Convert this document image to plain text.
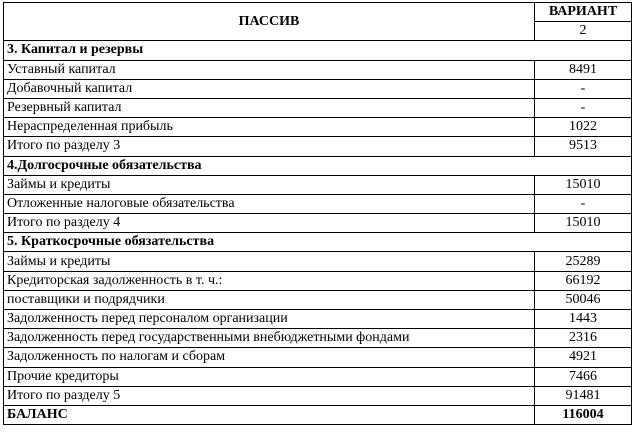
ПАССИВ	ВАРИАНТ
	2
3. Капитал и резервы	
Уставный капитал	8491
Добавочный капитал	-
Резервный капитал	-
Нераспределенная прибыль	1022
Итого по разделу 3	9513
4.Долгосрочные обязательства	
Займы и кредиты	15010
Отложенные налоговые обязательства	-
Итого по разделу 4	15010
5. Краткосрочные обязательства	
Займы и кредиты	25289
Кредиторская задолженность в т. ч.:	66192
поставщики и подрядчики	50046
Задолженность перед персоналом организации	1443
Задолженность перед государственными внебюджетными фондами	2316
Задолженность по налогам и сборам	4921
Прочие кредиторы	7466
Итого по разделу 5	91481
БАЛАНС	116004
